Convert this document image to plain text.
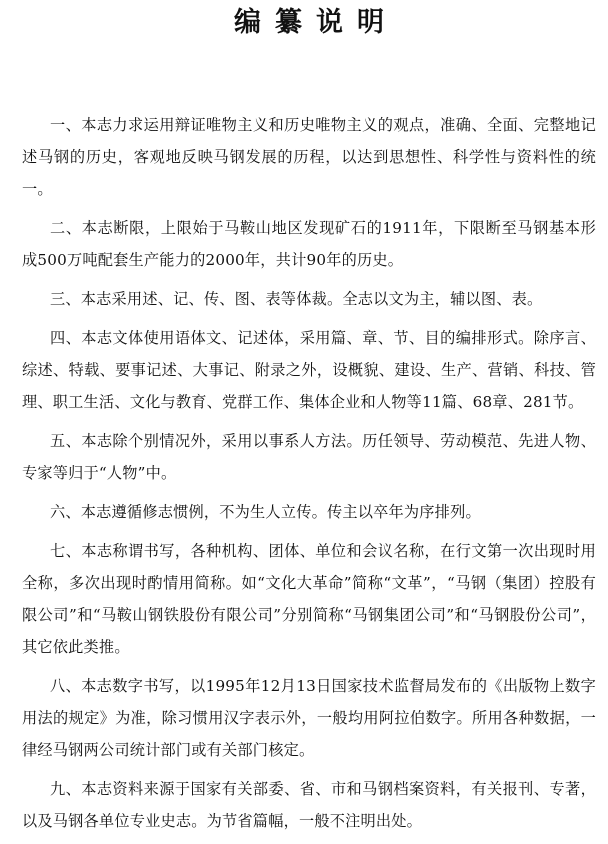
编纂说明

一、本志力求运用辩证唯物主义和历史唯物主义的观点，准确、全面、完整地记述马钢的历史，客观地反映马钢发展的历程，以达到思想性、科学性与资料性的统一。

二、本志断限，上限始于马鞍山地区发现矿石的1911年，下限断至马钢基本形成500万吨配套生产能力的2000年，共计90年的历史。

三、本志采用述、记、传、图、表等体裁。全志以文为主，辅以图、表。

四、本志文体使用语体文、记述体，采用篇、章、节、目的编排形式。除序言、综述、特载、要事记述、大事记、附录之外，设概貌、建设、生产、营销、科技、管理、职工生活、文化与教育、党群工作、集体企业和人物等11篇、68章、281节。

五、本志除个别情况外，采用以事系人方法。历任领导、劳动模范、先进人物、专家等归于“人物”中。

六、本志遵循修志惯例，不为生人立传。传主以卒年为序排列。

七、本志称谓书写，各种机构、团体、单位和会议名称，在行文第一次出现时用全称，多次出现时酌情用简称。如“文化大革命”简称“文革”，“马钢（集团）控股有限公司”和“马鞍山钢铁股份有限公司”分别简称“马钢集团公司”和“马钢股份公司”，其它依此类推。

八、本志数字书写，以1995年12月13日国家技术监督局发布的《出版物上数字用法的规定》为准，除习惯用汉字表示外，一般均用阿拉伯数字。所用各种数据，一律经马钢两公司统计部门或有关部门核定。

九、本志资料来源于国家有关部委、省、市和马钢档案资料，有关报刊、专著，以及马钢各单位专业史志。为节省篇幅，一般不注明出处。
